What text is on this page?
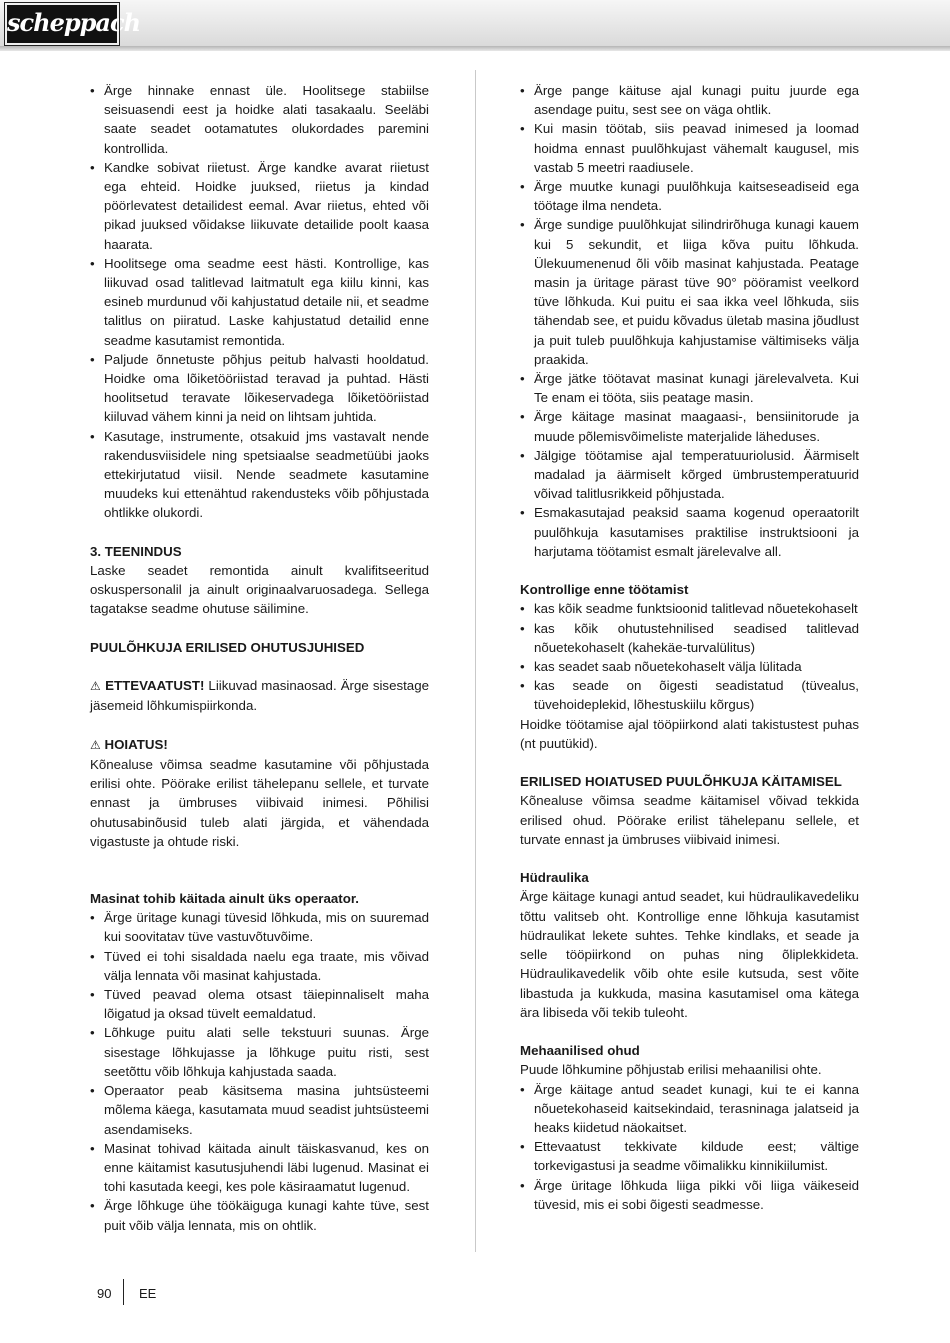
scheppach
• Ärge hinnake ennast üle. Hoolitsege stabiilse seisuasendi eest ja hoidke alati tasakaalu. Seeläbi saate seadet ootamatutes olukordades paremini kontrollida.
• Kandke sobivat riietust. Ärge kandke avarat riietust ega ehteid. Hoidke juuksed, riietus ja kindad pöörlevatest detailidest eemal. Avar riietus, ehted või pikad juuksed võidakse liikuvate detailide poolt kaasa haarata.
• Hoolitsege oma seadme eest hästi. Kontrollige, kas liikuvad osad talitlevad laitmatult ega kiilu kinni, kas esineb murdunud või kahjustatud detaile nii, et seadme talitlus on piiratud. Laske kahjustatud detailid enne seadme kasutamist remontida.
• Paljude õnnetuste põhjus peitub halvasti hooldatud. Hoidke oma lõiketööriistad teravad ja puhtad. Hästi hoolitsetud teravate lõikeservadega lõiketööriistad kiiluvad vähem kinni ja neid on lihtsam juhtida.
• Kasutage, instrumente, otsakuid jms vastavalt nende rakendusviisidele ning spetsiaalse seadmetüübi jaoks ettekirjutatud viisil. Nende seadmete kasutamine muudeks kui ettenähtud rakendusteks võib põhjustada ohtlikke olukordi.

3. TEENINDUS

Laske seadet remontida ainult kvalifitseeritud oskuspersonalil ja ainult originaalvaruosadega. Sellega tagatakse seadme ohutuse säilimine.

PUULÕHKUJA ERILISED OHUTUSJUHISED

⚠ ETTEVAATUST! Liikuvad masinaosad. Ärge sisestage jäsemeid lõhkumispiirkonda.

⚠ HOIATUS!

Kõnealuse võimsa seadme kasutamine või põhjustada erilisi ohte. Pöörake erilist tähelepanu sellele, et turvate ennast ja ümbruses viibivaid inimesi. Põhilisi ohutusabinõusid tuleb alati järgida, et vähendada vigastuste ja ohtude riski.

Masinat tohib käitada ainult üks operaator.

• Ärge üritage kunagi tüvesid lõhkuda, mis on suuremad kui soovitatav tüve vastuvõtuvõime.
• Tüved ei tohi sisaldada naelu ega traate, mis võivad välja lennata või masinat kahjustada.
• Tüved peavad olema otsast täiepinnaliselt maha lõigatud ja oksad tüvelt eemaldatud.
• Lõhkuge puitu alati selle tekstuuri suunas. Ärge sisestage lõhkujasse ja lõhkuge puitu risti, sest seetõttu võib lõhkuja kahjustada saada.
• Operaator peab käsitsema masina juhtsüsteemi mõlema käega, kasutamata muud seadist juhtsüsteemi asendamiseks.
• Masinat tohivad käitada ainult täiskasvanud, kes on enne käitamist kasutusjuhendi läbi lugenud. Masinat ei tohi kasutada keegi, kes pole käsiraamatut lugenud.
• Ärge lõhkuge ühe töökäiguga kunagi kahte tüve, sest puit võib välja lennata, mis on ohtlik.
• Ärge pange käituse ajal kunagi puitu juurde ega asendage puitu, sest see on väga ohtlik.
• Kui masin töötab, siis peavad inimesed ja loomad hoidma ennast puulõhkujast vähemalt kaugusel, mis vastab 5 meetri raadiusele.
• Ärge muutke kunagi puulõhkuja kaitseseadiseid ega töötage ilma nendeta.
• Ärge sundige puulõhkujat silindrirõhuga kunagi kauem kui 5 sekundit, et liiga kõva puitu lõhkuda. Ülekuumenenud õli võib masinat kahjustada. Peatage masin ja üritage pärast tüve 90° pööramist veelkord tüve lõhkuda. Kui puitu ei saa ikka veel lõhkuda, siis tähendab see, et puidu kõvadus ületab masina jõudlust ja puit tuleb puulõhkuja kahjustamise vältimiseks välja praakida.
• Ärge jätke töötavat masinat kunagi järelevalveta. Kui Te enam ei tööta, siis peatage masin.
• Ärge käitage masinat maagaasi-, bensiinitorude ja muude põlemisvõimeliste materjalide läheduses.
• Jälgige töötamise ajal temperatuuriolusid. Äärmiselt madalad ja äärmiselt kõrged ümbrustemperatuurid võivad talitlusrikkeid põhjustada.
• Esmakasutajad peaksid saama kogenud operaatorilt puulõhkuja kasutamises praktilise instruktsiooni ja harjutama töötamist esmalt järelevalve all.

Kontrollige enne töötamist

• kas kõik seadme funktsioonid talitlevad nõuetekohaselt
• kas kõik ohutustehnilised seadised talitlevad nõuetekohaselt (kahekäe-turvalülitus)
• kas seadet saab nõuetekohaselt välja lülitada
• kas seade on õigesti seadistatud (tüvealus, tüvehoideplekid, lõhestuskiilu kõrgus)

Hoidke töötamise ajal tööpiirkond alati takistustest puhas (nt puutükid).

ERILISED HOIATUSED PUULÕHKUJA KÄITAMISEL

Kõnealuse võimsa seadme käitamisel võivad tekkida erilised ohud. Pöörake erilist tähelepanu sellele, et turvate ennast ja ümbruses viibivaid inimesi.

Hüdraulika

Ärge käitage kunagi antud seadet, kui hüdraulikavedeliku tõttu valitseb oht. Kontrollige enne lõhkuja kasutamist hüdraulikat lekete suhtes. Tehke kindlaks, et seade ja selle tööpiirkond on puhas ning õliplekkideta. Hüdraulikavedelik võib ohte esile kutsuda, sest võite libastuda ja kukkuda, masina kasutamisel oma kätega ära libiseda või tekib tuleoht.

Mehaanilised ohud

Puude lõhkumine põhjustab erilisi mehaanilisi ohte.

• Ärge käitage antud seadet kunagi, kui te ei kanna nõuetekohaseid kaitsekindaid, terasninaga jalatseid ja heaks kiidetud näokaitset.
• Ettevaatust tekkivate kildude eest; vältige torkevigastusi ja seadme võimalikku kinnikiilumist.
• Ärge üritage lõhkuda liiga pikki või liiga väikeseid tüvesid, mis ei sobi õigesti seadmesse.
90 EE
